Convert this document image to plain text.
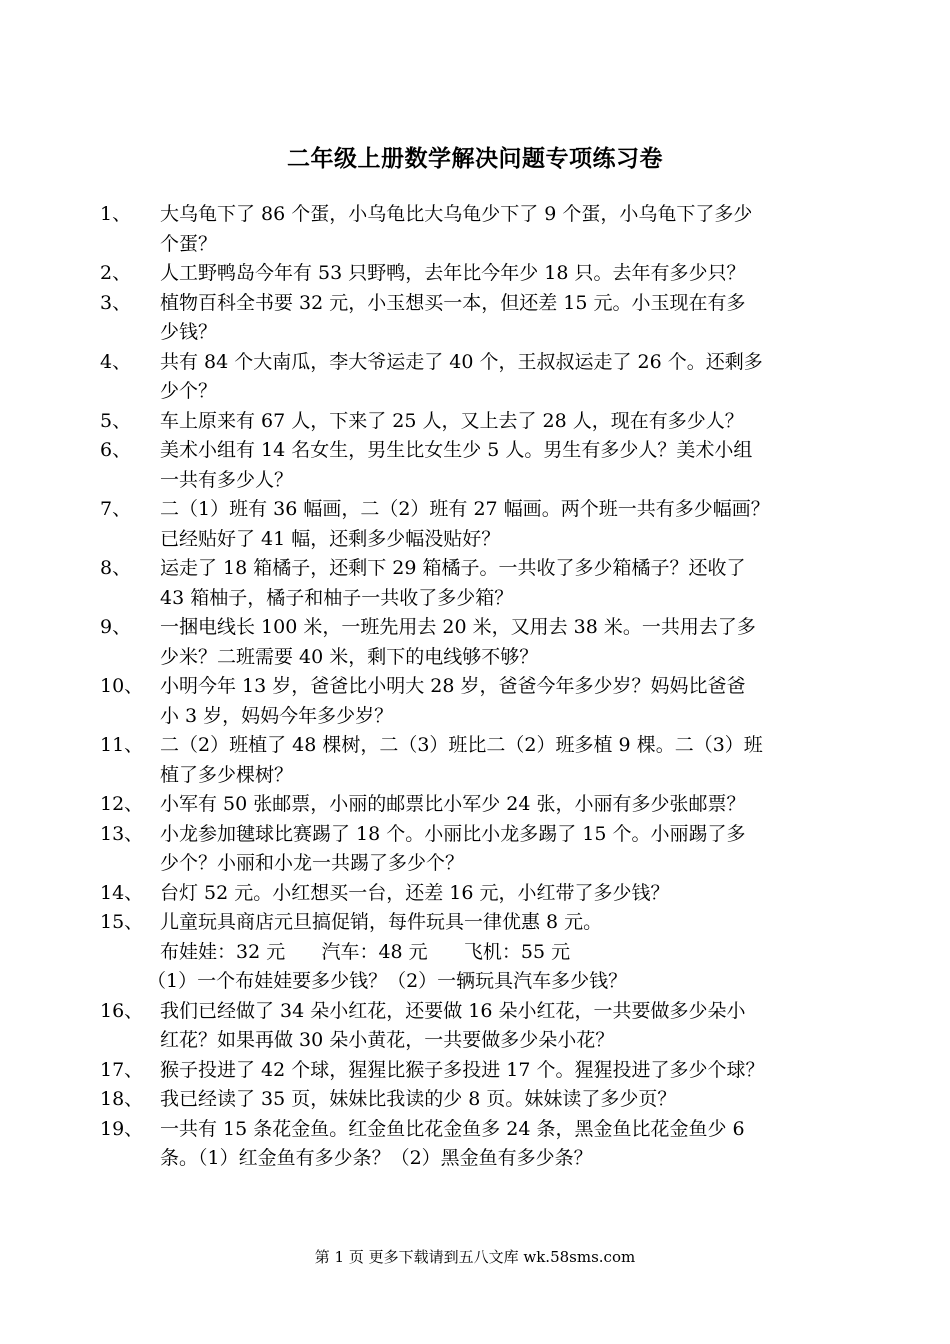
二年级上册数学解决问题专项练习卷
1、	大乌龟下了 86 个蛋，小乌龟比大乌龟少下了 9 个蛋，小乌龟下了多少
个蛋？
2、	人工野鸭岛今年有 53 只野鸭，去年比今年少 18 只。去年有多少只？
3、	植物百科全书要 32 元，小玉想买一本，但还差 15 元。小玉现在有多
少钱？
4、	共有 84 个大南瓜，李大爷运走了 40 个，王叔叔运走了 26 个。还剩多
少个？
5、	车上原来有 67 人，下来了 25 人，又上去了 28 人，现在有多少人？
6、	美术小组有 14 名女生，男生比女生少 5 人。男生有多少人？美术小组
一共有多少人？
7、	二（1）班有 36 幅画，二（2）班有 27 幅画。两个班一共有多少幅画？
已经贴好了 41 幅，还剩多少幅没贴好？
8、	运走了 18 箱橘子，还剩下 29 箱橘子。一共收了多少箱橘子？还收了
43 箱柚子，橘子和柚子一共收了多少箱？
9、	一捆电线长 100 米，一班先用去 20 米，又用去 38 米。一共用去了多
少米？二班需要 40 米，剩下的电线够不够？
10、 小明今年 13 岁，爸爸比小明大 28 岁，爸爸今年多少岁？妈妈比爸爸
小 3 岁，妈妈今年多少岁？
11、 二（2）班植了 48 棵树，二（3）班比二（2）班多植 9 棵。二（3）班
植了多少棵树？
12、 小军有 50 张邮票，小丽的邮票比小军少 24 张，小丽有多少张邮票？
13、 小龙参加毽球比赛踢了 18 个。小丽比小龙多踢了 15 个。小丽踢了多
少个？小丽和小龙一共踢了多少个？
14、 台灯 52 元。小红想买一台，还差 16 元，小红带了多少钱？
15、 儿童玩具商店元旦搞促销，每件玩具一律优惠 8 元。
布娃娃：32 元      汽车：48 元      飞机：55 元
（1）一个布娃娃要多少钱？（2）一辆玩具汽车多少钱？
16、 我们已经做了 34 朵小红花，还要做 16 朵小红花，一共要做多少朵小
红花？如果再做 30 朵小黄花，一共要做多少朵小花？
17、 猴子投进了 42 个球，猩猩比猴子多投进 17 个。猩猩投进了多少个球？
18、 我已经读了 35 页，妹妹比我读的少 8 页。妹妹读了多少页？
19、 一共有 15 条花金鱼。红金鱼比花金鱼多 24 条，黑金鱼比花金鱼少 6
条。（1）红金鱼有多少条？（2）黑金鱼有多少条？
第 1 页 更多下载请到五八文库 wk.58sms.com
